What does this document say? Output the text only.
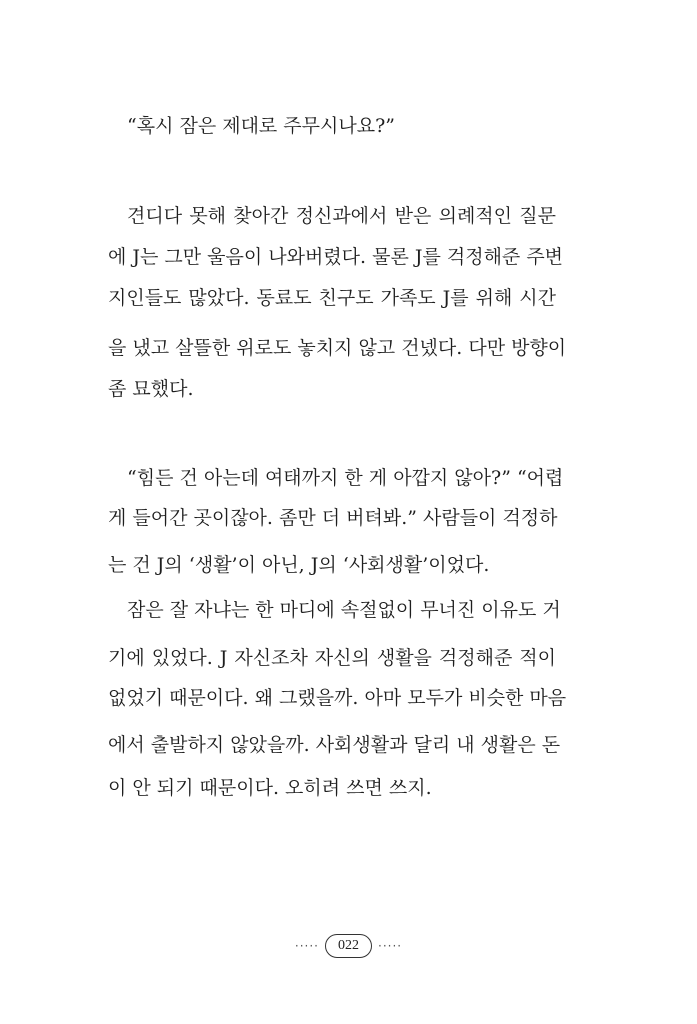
“혹시 잠은 제대로 주무시나요?”
견디다 못해 찾아간 정신과에서 받은 의례적인 질문
에 J는 그만 울음이 나와버렸다. 물론 J를 걱정해준 주변
지인들도 많았다. 동료도 친구도 가족도 J를 위해 시간
을 냈고 살뜰한 위로도 놓치지 않고 건넸다. 다만 방향이
좀 묘했다.
“힘든 건 아는데 여태까지 한 게 아깝지 않아?” “어렵
게 들어간 곳이잖아. 좀만 더 버텨봐.” 사람들이 걱정하
는 건 J의 ‘생활’이 아닌, J의 ‘사회생활’이었다.
잠은 잘 자냐는 한 마디에 속절없이 무너진 이유도 거
기에 있었다. J 자신조차 자신의 생활을 걱정해준 적이
없었기 때문이다. 왜 그랬을까. 아마 모두가 비슷한 마음
에서 출발하지 않았을까. 사회생활과 달리 내 생활은 돈
이 안 되기 때문이다. 오히려 쓰면 쓰지.
·····	022	·····
